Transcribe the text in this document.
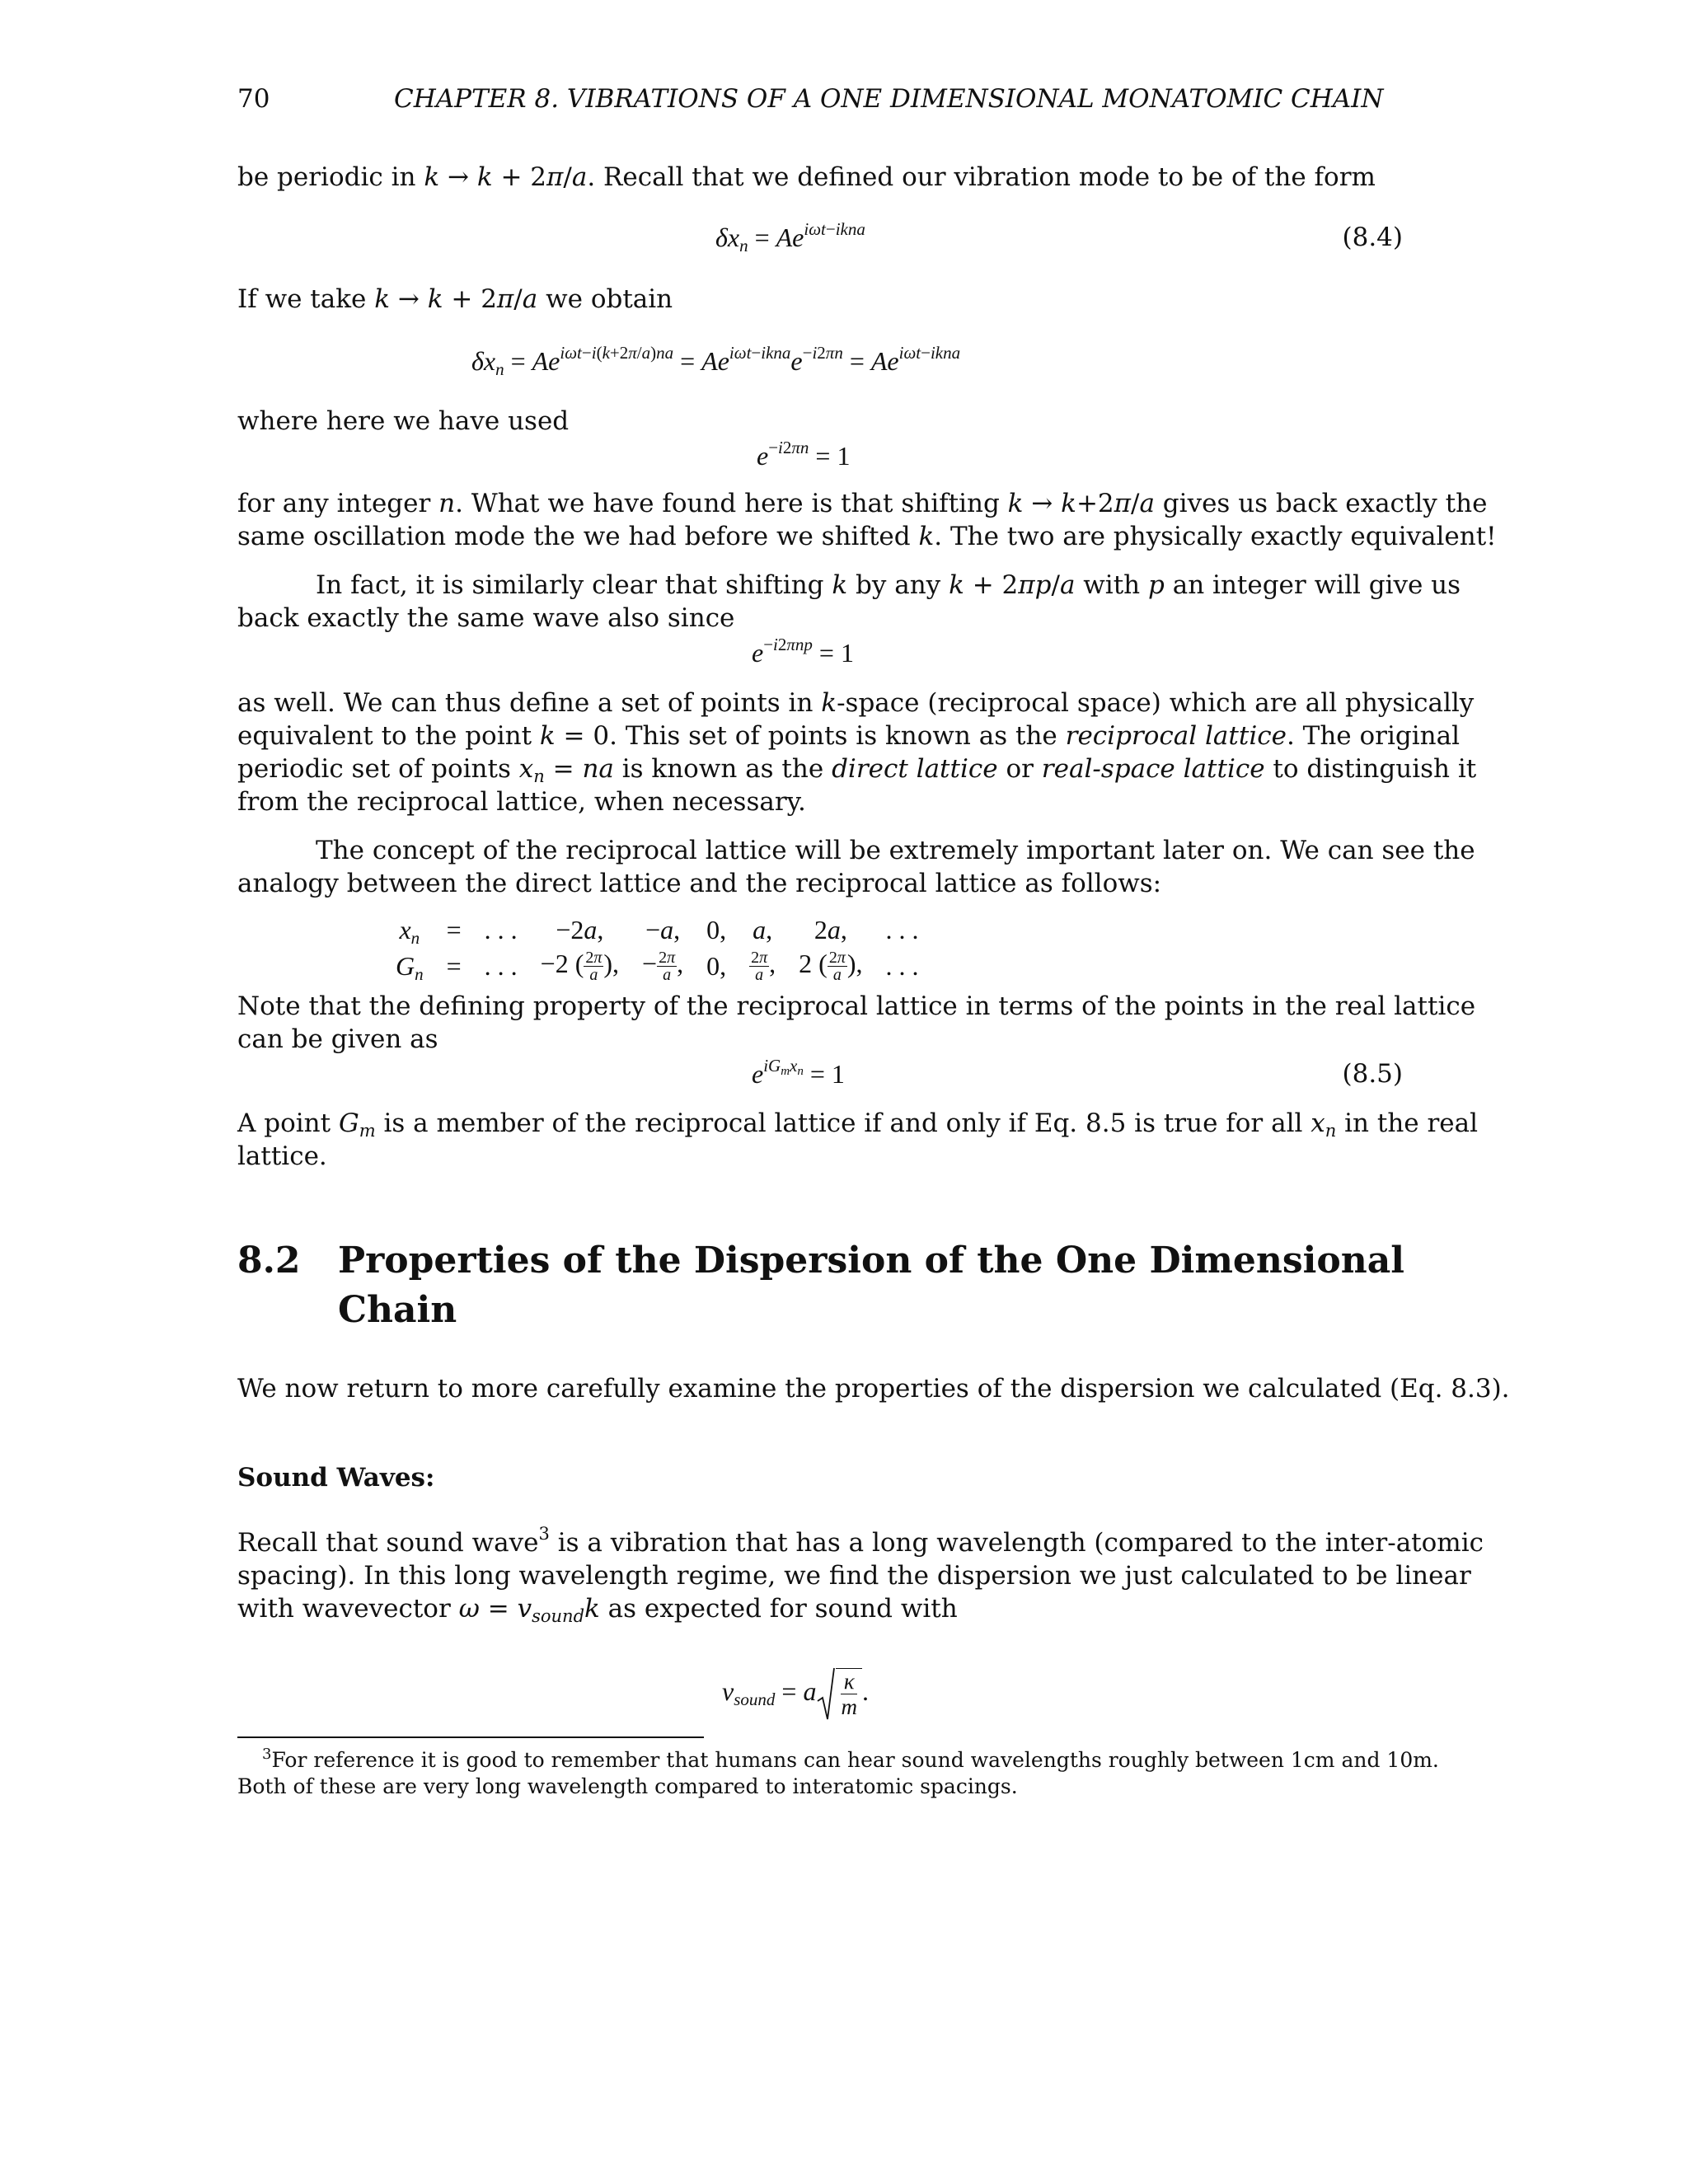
70	CHAPTER 8. VIBRATIONS OF A ONE DIMENSIONAL MONATOMIC CHAIN
be periodic in k → k + 2π/a. Recall that we defined our vibration mode to be of the form
$\delta x_n = Ae^{i\omega t-ikna}$	(8.4)
If we take k → k + 2π/a we obtain
$\delta x_n = Ae^{i\omega t-i(k+2\pi/a)na} = Ae^{i\omega t-ikna}e^{-i2\pi n} = Ae^{i\omega t-ikna}$
where here we have used
$e^{-i2\pi n} = 1$
for any integer n. What we have found here is that shifting k → k+2π/a gives us back exactly the
same oscillation mode the we had before we shifted k. The two are physically exactly equivalent!
In fact, it is similarly clear that shifting k by any k + 2πp/a with p an integer will give us
back exactly the same wave also since
$e^{-i2\pi np} = 1$
as well. We can thus define a set of points in k-space (reciprocal space) which are all physically
equivalent to the point k = 0. This set of points is known as the reciprocal lattice. The original
periodic set of points $x_n$ = na is known as the direct lattice or real-space lattice to distinguish it
from the reciprocal lattice, when necessary.
The concept of the reciprocal lattice will be extremely important later on. We can see the
analogy between the direct lattice and the reciprocal lattice as follows:
$x_n$	=	. . .	−2a,	−a,	0,	a,	2a,	. . .
$G_n$	=	. . .	−2 ( $\frac{2\pi}{a}$ ),	− $\frac{2\pi}{a}$ ,	0,	$\frac{2\pi}{a}$ ,	2 ( $\frac{2\pi}{a}$ ),	. . .
Note that the defining property of the reciprocal lattice in terms of the points in the real lattice
can be given as
$e^{iG_mx_n} = 1$	(8.5)
A point $G_m$ is a member of the reciprocal lattice if and only if Eq. 8.5 is true for all $x_n$ in the real
lattice.
8.2 Properties of the Dispersion of the One Dimensional
Chain
We now return to more carefully examine the properties of the dispersion we calculated (Eq. 8.3).
Sound Waves:
Recall that sound wave$^3$ is a vibration that has a long wavelength (compared to the inter-atomic
spacing). In this long wavelength regime, we find the dispersion we just calculated to be linear
with wavevector $\omega = v_{sound}k$ as expected for sound with
$v_{sound} = a \frac{\kappa}{m}$ .
$^3$For reference it is good to remember that humans can hear sound wavelengths roughly between 1cm and 10m.
Both of these are very long wavelength compared to interatomic spacings.
